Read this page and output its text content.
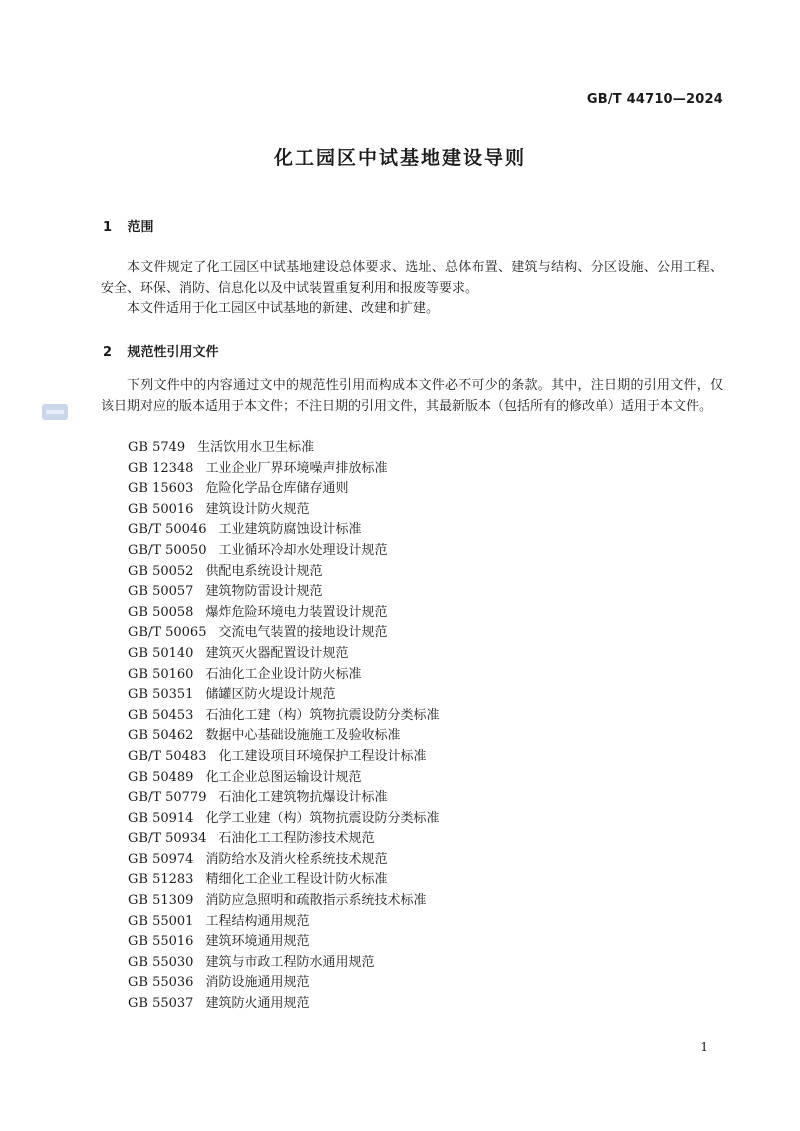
GB/T 44710—2024
化工园区中试基地建设导则
1 范围

本文件规定了化工园区中试基地建设总体要求、选址、总体布置、建筑与结构、分区设施、公用工程、安全、环保、消防、信息化以及中试装置重复利用和报废等要求。

本文件适用于化工园区中试基地的新建、改建和扩建。

2 规范性引用文件

下列文件中的内容通过文中的规范性引用而构成本文件必不可少的条款。其中，注日期的引用文件，仅该日期对应的版本适用于本文件；不注日期的引用文件，其最新版本（包括所有的修改单）适用于本文件。

GB 5749 生活饮用水卫生标准
GB 12348 工业企业厂界环境噪声排放标准
GB 15603 危险化学品仓库储存通则
GB 50016 建筑设计防火规范
GB/T 50046 工业建筑防腐蚀设计标准
GB/T 50050 工业循环冷却水处理设计规范
GB 50052 供配电系统设计规范
GB 50057 建筑物防雷设计规范
GB 50058 爆炸危险环境电力装置设计规范
GB/T 50065 交流电气装置的接地设计规范
GB 50140 建筑灭火器配置设计规范
GB 50160 石油化工企业设计防火标准
GB 50351 储罐区防火堤设计规范
GB 50453 石油化工建（构）筑物抗震设防分类标准
GB 50462 数据中心基础设施施工及验收标准
GB/T 50483 化工建设项目环境保护工程设计标准
GB 50489 化工企业总图运输设计规范
GB/T 50779 石油化工建筑物抗爆设计标准
GB 50914 化学工业建（构）筑物抗震设防分类标准
GB/T 50934 石油化工工程防渗技术规范
GB 50974 消防给水及消火栓系统技术规范
GB 51283 精细化工企业工程设计防火标准
GB 51309 消防应急照明和疏散指示系统技术标准
GB 55001 工程结构通用规范
GB 55016 建筑环境通用规范
GB 55030 建筑与市政工程防水通用规范
GB 55036 消防设施通用规范
GB 55037 建筑防火通用规范
1
